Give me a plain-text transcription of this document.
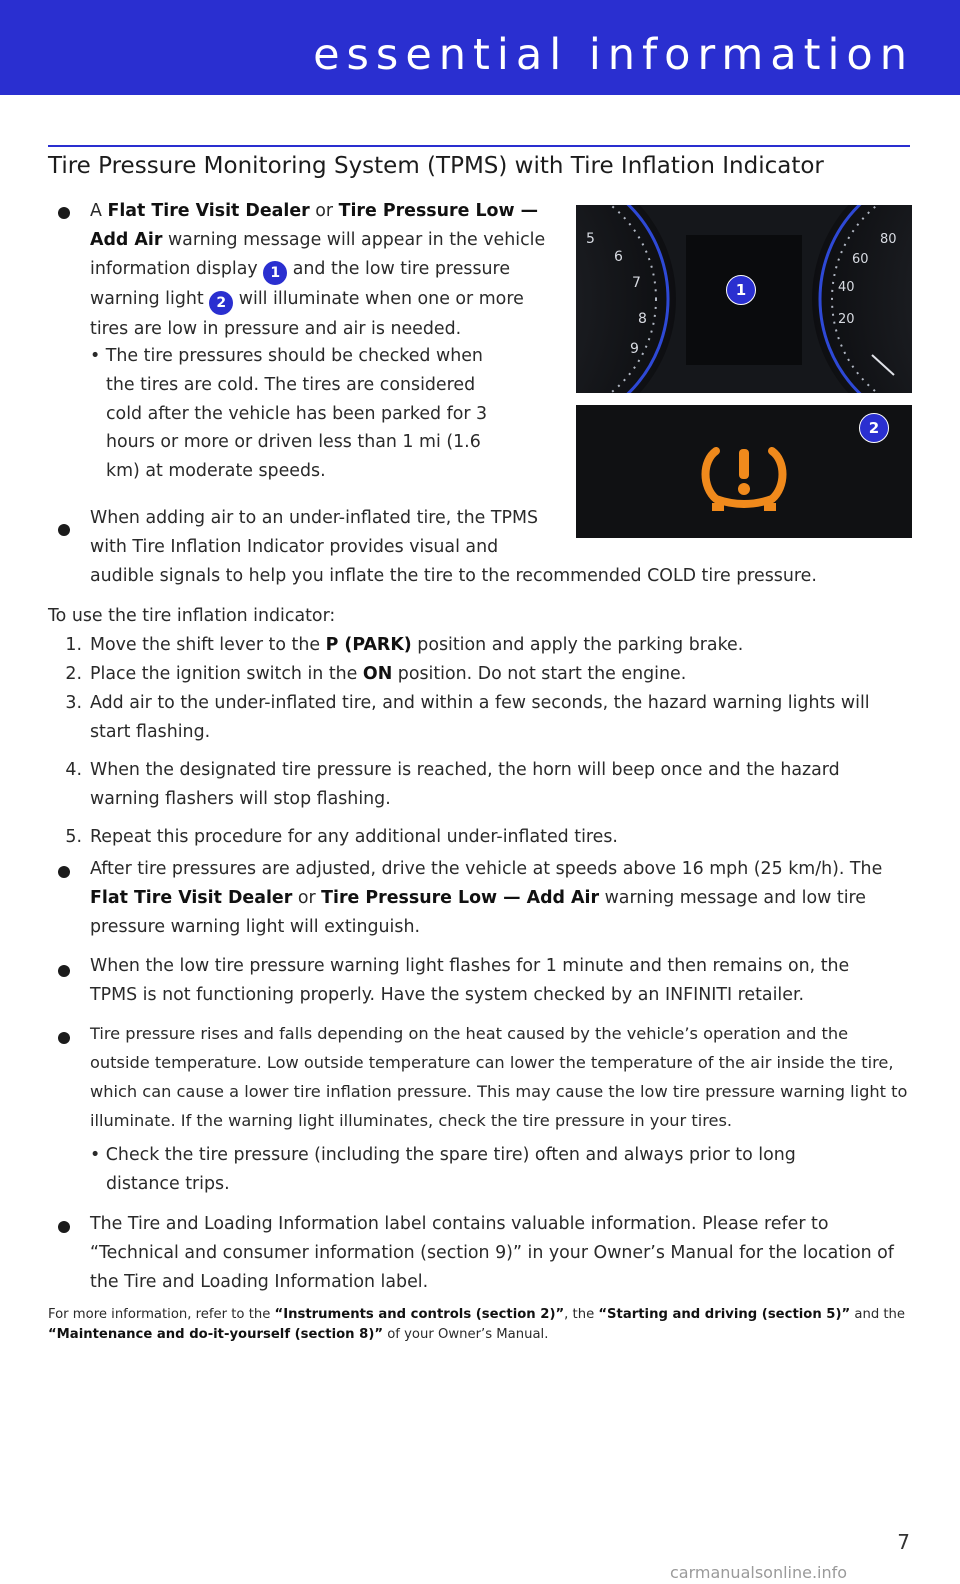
essential information
Tire Pressure Monitoring System (TPMS) with Tire Inflation Indicator
A Flat Tire Visit Dealer or Tire Pressure Low — Add Air warning message will appear in the vehicle information display 1 and the low tire pressure warning light 2 will illuminate when one or more tires are low in pressure and air is needed.
• The tire pressures should be checked when the tires are cold. The tires are considered cold after the vehicle has been parked for 3 hours or more or driven less than 1 mi (1.6 km) at moderate speeds.
When adding air to an under-inflated tire, the TPMS
with Tire Inflation Indicator provides visual and
audible signals to help you inflate the tire to the recommended COLD tire pressure.
5
6
7
8
9
80
60
40
20
1
2
To use the tire inflation indicator:
1. Move the shift lever to the P (PARK) position and apply the parking brake.
2. Place the ignition switch in the ON position. Do not start the engine.
3. Add air to the under-inflated tire, and within a few seconds, the hazard warning lights will start flashing.
4. When the designated tire pressure is reached, the horn will beep once and the hazard warning flashers will stop flashing.
5. Repeat this procedure for any additional under-inflated tires.
After tire pressures are adjusted, drive the vehicle at speeds above 16 mph (25 km/h). The Flat Tire Visit Dealer or Tire Pressure Low — Add Air warning message and low tire pressure warning light will extinguish.
When the low tire pressure warning light flashes for 1 minute and then remains on, the TPMS is not functioning properly. Have the system checked by an INFINITI retailer.
Tire pressure rises and falls depending on the heat caused by the vehicle’s operation and the outside temperature. Low outside temperature can lower the temperature of the air inside the tire, which can cause a lower tire inflation pressure. This may cause the low tire pressure warning light to illuminate. If the warning light illuminates, check the tire pressure in your tires.
• Check the tire pressure (including the spare tire) often and always prior to long distance trips.
The Tire and Loading Information label contains valuable information. Please refer to “Technical and consumer information (section 9)” in your Owner’s Manual for the location of the Tire and Loading Information label.
For more information, refer to the “Instruments and controls (section 2)”, the “Starting and driving (section 5)” and the “Maintenance and do-it-yourself (section 8)” of your Owner’s Manual.
7
carmanualsonline.info
